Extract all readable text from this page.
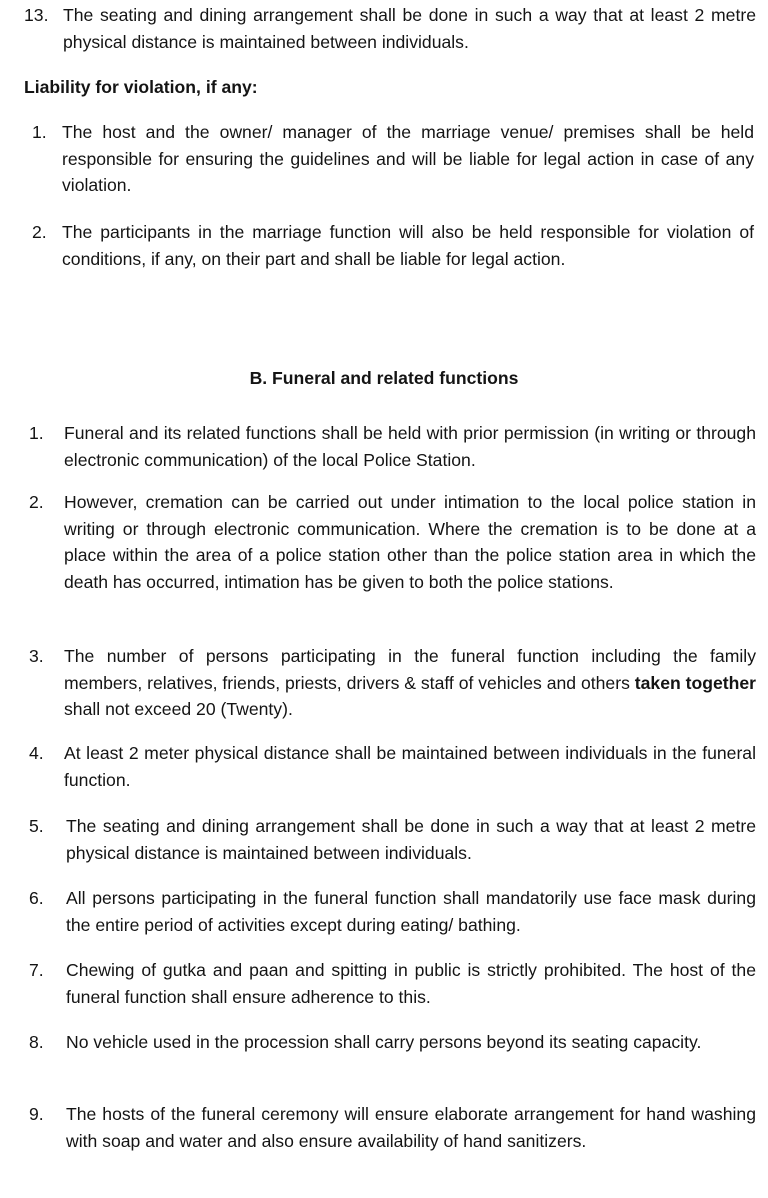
13. The seating and dining arrangement shall be done in such a way that at least 2 metre physical distance is maintained between individuals.
Liability for violation, if any:
1. The host and the owner/ manager of the marriage venue/ premises shall be held responsible for ensuring the guidelines and will be liable for legal action in case of any violation.
2. The participants in the marriage function will also be held responsible for violation of conditions, if any, on their part and shall be liable for legal action.
B. Funeral and related functions
1.	Funeral and its related functions shall be held with prior permission (in writing or through electronic communication) of the local Police Station.
2.	However, cremation can be carried out under intimation to the local police station in writing or through electronic communication. Where the cremation is to be done at a place within the area of a police station other than the police station area in which the death has occurred, intimation has be given to both the police stations.
3.	The number of persons participating in the funeral function including the family members, relatives, friends, priests, drivers & staff of vehicles and others taken together shall not exceed 20 (Twenty).
4.	At least 2 meter physical distance shall be maintained between individuals in the funeral function.
5.	The seating and dining arrangement shall be done in such a way that at least 2 metre physical distance is maintained between individuals.
6.	All persons participating in the funeral function shall mandatorily use face mask during the entire period of activities except during eating/ bathing.
7.	Chewing of gutka and paan and spitting in public is strictly prohibited. The host of the funeral function shall ensure adherence to this.
8.	No vehicle used in the procession shall carry persons beyond its seating capacity.
9.	The hosts of the funeral ceremony will ensure elaborate arrangement for hand washing with soap and water and also ensure availability of hand sanitizers.
